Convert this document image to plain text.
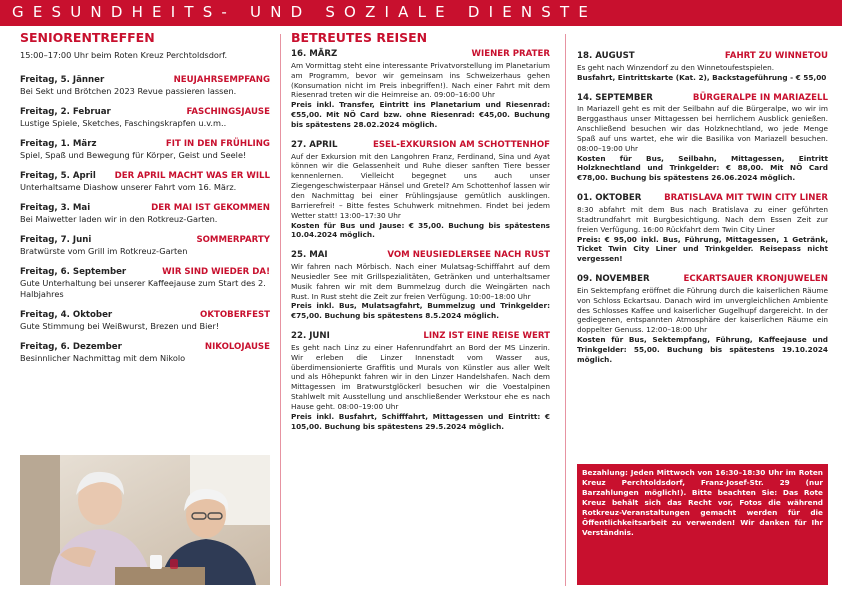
GESUNDHEITS- UND SOZIALE DIENSTE
SENIORENTREFFEN
15:00–17:00 Uhr beim Roten Kreuz Perchtoldsdorf.
Freitag, 5. Jänner	NEUJAHRSEMPFANG
Bei Sekt und Brötchen 2023 Revue passieren lassen.
Freitag, 2. Februar	FASCHINGSJAUSE
Lustige Spiele, Sketches, Faschingskrapfen u.v.m..
Freitag, 1. März	FIT IN DEN FRÜHLING
Spiel, Spaß und Bewegung für Körper, Geist und Seele!
Freitag, 5. April DER APRIL MACHT WAS ER WILL
Unterhaltsame Diashow unserer Fahrt vom 16. März.
Freitag, 3. Mai	DER MAI IST GEKOMMEN
Bei Maiwetter laden wir in den Rotkreuz-Garten.
Freitag, 7. Juni	SOMMERPARTY
Bratwürste vom Grill im Rotkreuz-Garten
Freitag, 6. September	WIR SIND WIEDER DA!
Gute Unterhaltung bei unserer Kaffeejause zum Start des 2. Halbjahres
Freitag, 4. Oktober	OKTOBERFEST
Gute Stimmung bei Weißwurst, Brezen und Bier!
Freitag, 6. Dezember	NIKOLOJAUSE
Besinnlicher Nachmittag mit dem Nikolo
BETREUTES REISEN
16. MÄRZ	WIENER PRATER
Am Vormittag steht eine interessante Privatvorstellung im Planetarium am Programm, bevor wir gemeinsam ins Schweizerhaus gehen (Konsumation nicht im Preis inbegriffen!). Nach einer Fahrt mit dem Riesenrad treten wir die Heimreise an. 09:00–16:00 Uhr
Preis inkl. Transfer, Eintritt ins Planetarium und Riesenrad: €55,00. Mit NÖ Card bzw. ohne Riesenrad: €45,00. Buchung bis spätestens 28.02.2024 möglich.
27. APRIL	ESEL-EXKURSION AM SCHOTTENHOF
Auf der Exkursion mit den Langohren Franz, Ferdinand, Sina und Ayat können wir die Gelassenheit und Ruhe dieser sanften Tiere besser kennenlernen. Vielleicht begegnet uns auch unser Ziegengeschwisterpaar Hänsel und Gretel? Am Schottenhof lassen wir den Nachmittag bei einer Frühlingsjause gemütlich ausklingen. Barrierefrei! – Bitte festes Schuhwerk mitnehmen. Findet bei jedem Wetter statt! 13:00–17:30 Uhr
Kosten für Bus und Jause: € 35,00. Buchung bis spätestens 10.04.2024 möglich.
25. MAI	VOM NEUSIEDLERSEE NACH RUST
Wir fahren nach Mörbisch. Nach einer Mulatsag-Schifffahrt auf dem Neusiedler See mit Grillspezialitäten, Getränken und unterhaltsamer Musik fahren wir mit dem Bummelzug durch die Weingärten nach Rust. In Rust steht die Zeit zur freien Verfügung. 10:00–18:00 Uhr
Preis inkl. Bus, Mulatsagfahrt, Bummelzug und Trinkgelder: €75,00. Buchung bis spätestens 8.5.2024 möglich.
22. JUNI	LINZ IST EINE REISE WERT
Es geht nach Linz zu einer Hafenrundfahrt an Bord der MS Linzerin. Wir erleben die Linzer Innenstadt vom Wasser aus, überdimensionierte Graffitis und Murals von Künstler aus aller Welt und als Höhepunkt fahren wir in den Linzer Handelshafen. Nach dem Mittagessen im Bratwurstglöckerl besuchen wir die Voestalpinen Stahlwelt mit Ausstellung und anschließender Werkstour ehe es nach Hause geht. 08:00–19:00 Uhr
Preis inkl. Busfahrt, Schifffahrt, Mittagessen und Eintritt: € 105,00. Buchung bis spätestens 29.5.2024 möglich.
18. AUGUST	FAHRT ZU WINNETOU
Es geht nach Winzendorf zu den Winnetoufestspielen.
Busfahrt, Eintrittskarte (Kat. 2), Backstageführung - € 55,00
14. SEPTEMBER	BÜRGERALPE IN MARIAZELL
In Mariazell geht es mit der Seilbahn auf die Bürgeralpe, wo wir im Berggasthaus unser Mittagessen bei herrlichem Ausblick genießen. Anschließend besuchen wir das Holzknechtland, wo jede Menge Spaß auf uns wartet, ehe wir die Basilika von Mariazell besuchen. 08:00–19:00 Uhr
Kosten für Bus, Seilbahn, Mittagessen, Eintritt Holzknechtland und Trinkgelder: € 88,00. Mit NÖ Card €78,00. Buchung bis spätestens 26.06.2024 möglich.
01. OKTOBER	BRATISLAVA MIT TWIN CITY LINER
8:30 abfahrt mit dem Bus nach Bratislava zu einer geführten Stadtrundfahrt mit Burgbesichtigung. Nach dem Essen Zeit zur freien Verfügung. 16:00 Rückfahrt dem Twin City Liner
Preis: € 95,00 inkl. Bus, Führung, Mittagessen, 1 Getränk, Ticket Twin City Liner und Trinkgelder. Reisepass nicht vergessen!
09. NOVEMBER	ECKARTSAUER KRONJUWELEN
Ein Sektempfang eröffnet die Führung durch die kaiserlichen Räume von Schloss Eckartsau. Danach wird im unvergleichlichen Ambiente des Schlosses Kaffee und kaiserlicher Gugelhupf dargereicht. In der gediegenen, entspannten Atmosphäre der kaiserlichen Räume ein doppelter Genuss. 12:00–18:00 Uhr
Kosten für Bus, Sektempfang, Führung, Kaffeejause und Trinkgelder: 55,00. Buchung bis spätestens 19.10.2024 möglich.
Bezahlung: Jeden Mittwoch von 16:30–18:30 Uhr im Roten Kreuz Perchtoldsdorf, Franz-Josef-Str. 29 (nur Barzahlungen möglich!). Bitte beachten Sie: Das Rote Kreuz behält sich das Recht vor, Fotos die während Rotkreuz-Veranstaltungen gemacht werden für die Öffentlichkeitsarbeit zu verwenden! Wir danken für Ihr Verständnis.
